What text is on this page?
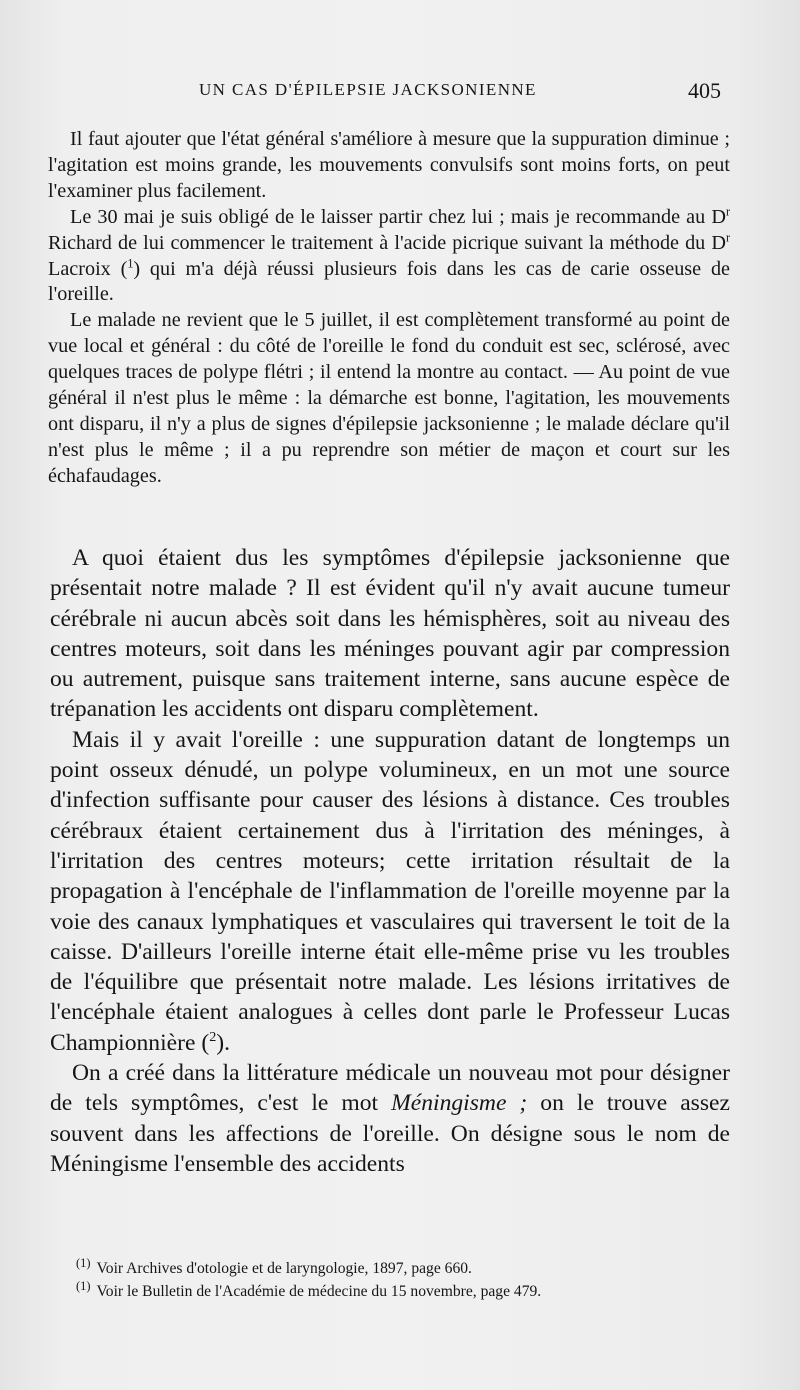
UN CAS D'ÉPILEPSIE JACKSONIENNE	405

Il faut ajouter que l'état général s'améliore à mesure que la suppuration diminue ; l'agitation est moins grande, les mouvements convulsifs sont moins forts, on peut l'examiner plus facilement.

Le 30 mai je suis obligé de le laisser partir chez lui ; mais je recommande au $D^r$ Richard de lui commencer le traitement à l'acide picrique suivant la méthode du $D^r$ Lacroix ($^1$) qui m'a déjà réussi plusieurs fois dans les cas de carie osseuse de l'oreille.

Le malade ne revient que le 5 juillet, il est complètement transformé au point de vue local et général : du côté de l'oreille le fond du conduit est sec, sclérosé, avec quelques traces de polype flétri ; il entend la montre au contact. — Au point de vue général il n'est plus le même : la démarche est bonne, l'agitation, les mouvements ont disparu, il n'y a plus de signes d'épilepsie jacksonienne ; le malade déclare qu'il n'est plus le même ; il a pu reprendre son métier de maçon et court sur les échafaudages.

A quoi étaient dus les symptômes d'épilepsie jacksonienne que présentait notre malade ? Il est évident qu'il n'y avait aucune tumeur cérébrale ni aucun abcès soit dans les hémisphères, soit au niveau des centres moteurs, soit dans les méninges pouvant agir par compression ou autrement, puisque sans traitement interne, sans aucune espèce de trépanation les accidents ont disparu complètement.

Mais il y avait l'oreille : une suppuration datant de longtemps un point osseux dénudé, un polype volumineux, en un mot une source d'infection suffisante pour causer des lésions à distance. Ces troubles cérébraux étaient certainement dus à l'irritation des méninges, à l'irritation des centres moteurs; cette irritation résultait de la propagation à l'encéphale de l'inflammation de l'oreille moyenne par la voie des canaux lymphatiques et vasculaires qui traversent le toit de la caisse. D'ailleurs l'oreille interne était elle-même prise vu les troubles de l'équilibre que présentait notre malade. Les lésions irritatives de l'encéphale étaient analogues à celles dont parle le Professeur Lucas Championnière ($^2$).

On a créé dans la littérature médicale un nouveau mot pour désigner de tels symptômes, c'est le mot Méningisme ; on le trouve assez souvent dans les affections de l'oreille. On désigne sous le nom de Méningisme l'ensemble des accidents

$^{(1)}$ Voir Archives d'otologie et de laryngologie, 1897, page 660.
$^{(1)}$ Voir le Bulletin de l'Académie de médecine du 15 novembre, page 479.
